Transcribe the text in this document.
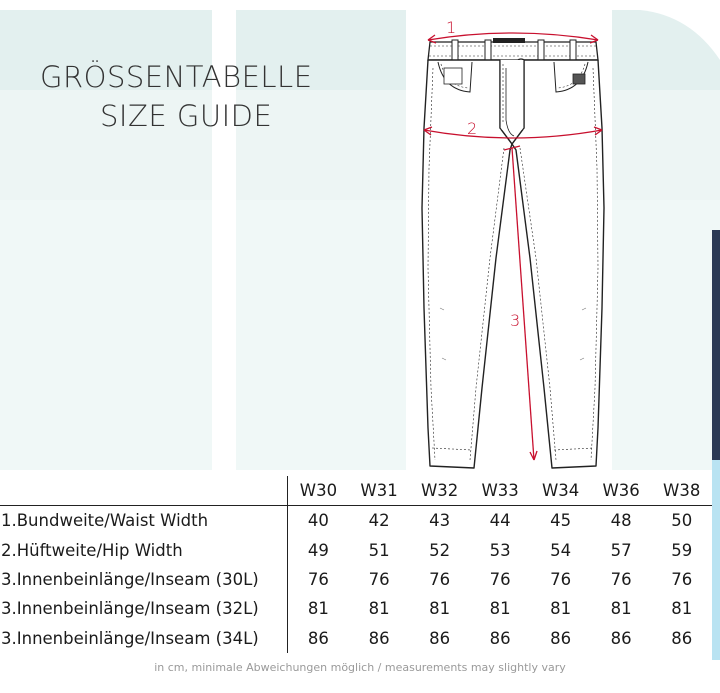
GRÖSSENTABELLE
SIZE GUIDE
1
2
3
	W30	W31	W32	W33	W34	W36	W38
1.Bundweite/Waist Width	40	42	43	44	45	48	50
2.Hüftweite/Hip Width	49	51	52	53	54	57	59
3.Innenbeinlänge/Inseam (30L)	76	76	76	76	76	76	76
3.Innenbeinlänge/Inseam (32L)	81	81	81	81	81	81	81
3.Innenbeinlänge/Inseam (34L)	86	86	86	86	86	86	86
in cm, minimale Abweichungen möglich / measurements may slightly vary
